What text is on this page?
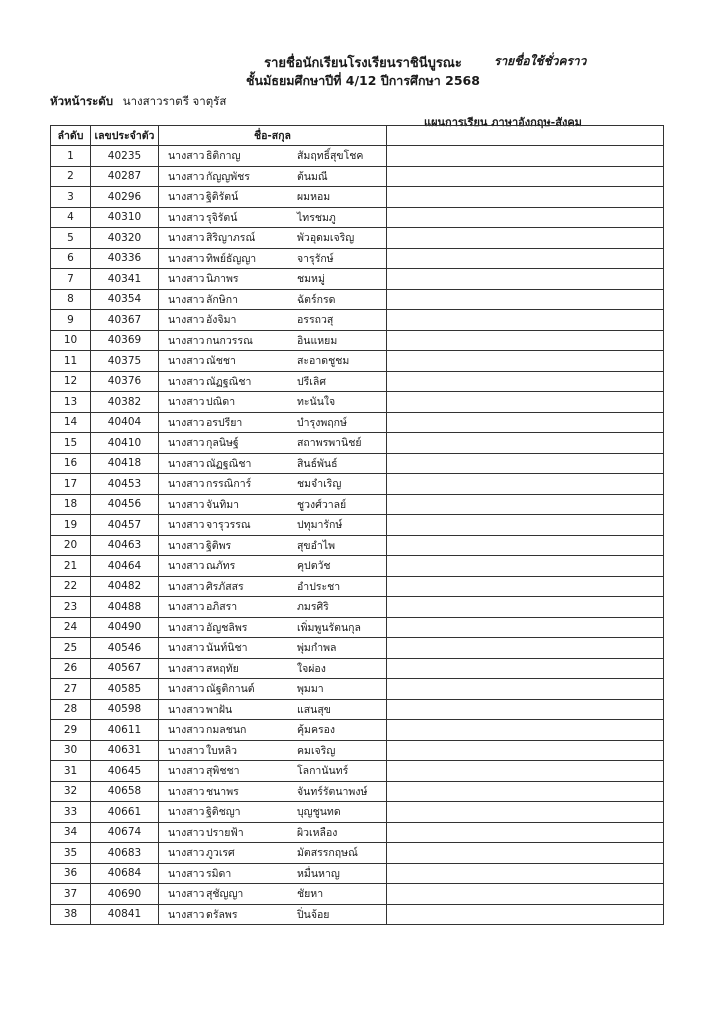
รายชื่อนักเรียนโรงเรียนราชินีบูรณะ	รายชื่อใช้ชั่วคราว
ชั้นมัธยมศึกษาปีที่ 4/12 ปีการศึกษา 2568
หัวหน้าระดับ นางสาวราตรี จาตุรัส
แผนการเรียน ภาษาอังกฤษ-สังคม
ลำดับ	เลขประจำตัว	ชื่อ-สกุล	
1	40235	นางสาว ธิติกาญ สัมฤทธิ์สุขโชค	

2	40287	นางสาว กัญญพัชร ต้นมณี	

3	40296	นางสาว ฐิติรัตน์ ผมหอม	

4	40310	นางสาว รุจิรัตน์ ไทรชมภู	

5	40320	นางสาว สิริญาภรณ์ พัวอุดมเจริญ	

6	40336	นางสาว ทิพย์ธัญญา จารุรักษ์	

7	40341	นางสาว นิภาพร ชมหมู่	

8	40354	นางสาว ลักษิกา ฉัตร์กรด	

9	40367	นางสาว อังจิมา อรรถวสุ	

10	40369	นางสาว กนกวรรณ อินแหยม	

11	40375	นางสาว ณัชชา สะอาดชูชม	

12	40376	นางสาว ณัฏฐณิชา ปรีเลิศ	

13	40382	นางสาว ปณิดา ทะนันใจ	

14	40404	นางสาว อรปรียา บำรุงพฤกษ์	

15	40410	นางสาว กุลนิษฐ์ สถาพรพานิชย์	

16	40418	นางสาว ณัฏฐณิชา สินธ์พันธ์	

17	40453	นางสาว กรรณิการ์ ชมจำเริญ	

18	40456	นางสาว จันทิมา ชูวงศ์วาลย์	

19	40457	นางสาว จารุวรรณ ปทุมารักษ์	

20	40463	นางสาว ฐิติพร สุขอำไพ	

21	40464	นางสาว ณภัทร คุปตวัช	

22	40482	นางสาว ศิรภัสสร อำประชา	

23	40488	นางสาว อภิสรา ภมรศิริ	

24	40490	นางสาว อัญชลิพร เพิ่มพูนรัตนกุล	

25	40546	นางสาว นันท์นิชา พุ่มกำพล	

26	40567	นางสาว สหฤทัย ใจผ่อง	

27	40585	นางสาว ณัฐติกานต์ พุมมา	

28	40598	นางสาว พาฝัน แสนสุข	

29	40611	นางสาว กมลชนก คุ้มครอง	

30	40631	นางสาว ใบหลิว คมเจริญ	

31	40645	นางสาว สุพิชชา โลกานันทร์	

32	40658	นางสาว ชนาพร จันทร์รัตนาพงษ์	

33	40661	นางสาว ฐิติชญา บุญชูนทด	

34	40674	นางสาว ปรายฟ้า ผิวเหลือง	

35	40683	นางสาว ภูวเรศ มัตสรรกฤษณ์	

36	40684	นางสาว รมิดา หมื่นหาญ	

37	40690	นางสาว สุชัญญา ชัยหา	

38	40841	นางสาว ดรัลพร ปิ่นจ้อย	
